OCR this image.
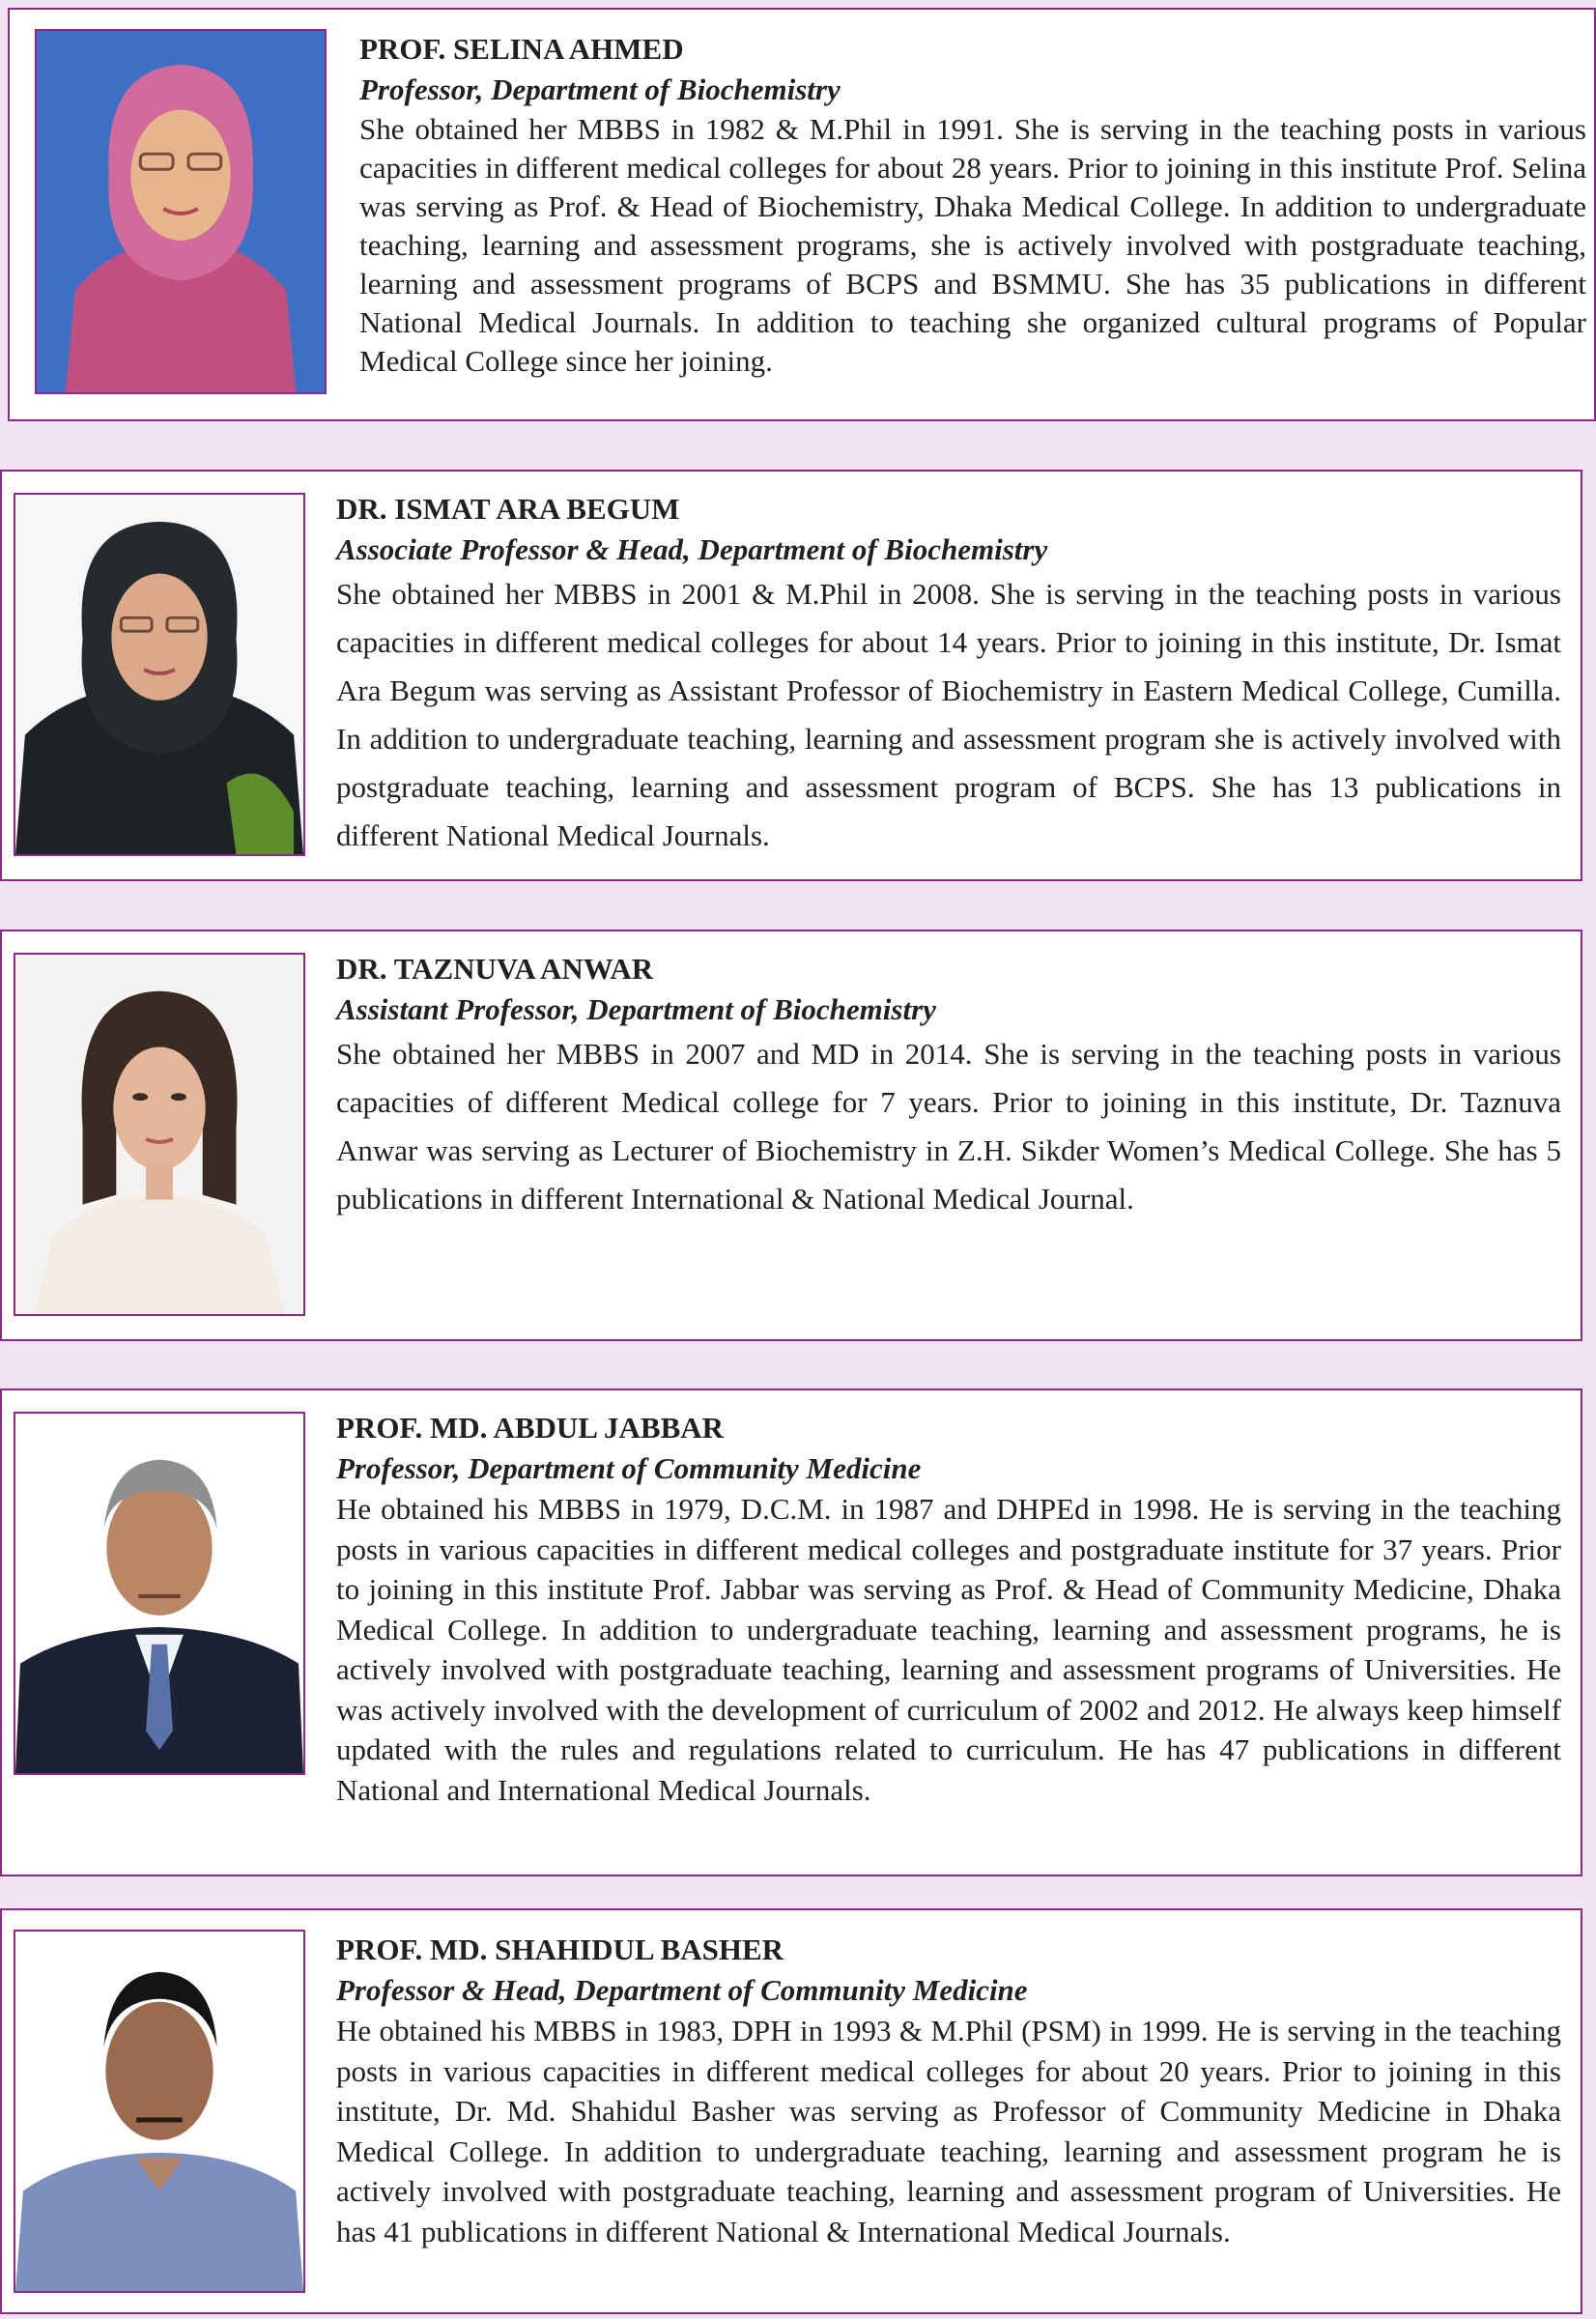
PROF. SELINA AHMED
Professor, Department of Biochemistry
She obtained her MBBS in 1982 & M.Phil in 1991. She is serving in the teaching posts in various capacities in different medical colleges for about 28 years. Prior to joining in this institute Prof. Selina was serving as Prof. & Head of Biochemistry, Dhaka Medical College. In addition to undergraduate teaching, learning and assessment programs, she is actively involved with postgraduate teaching, learning and assessment programs of BCPS and BSMMU. She has 35 publications in different National Medical Journals. In addition to teaching she organized cultural programs of Popular Medical College since her joining.
DR. ISMAT ARA BEGUM
Associate Professor & Head, Department of Biochemistry
She obtained her MBBS in 2001 & M.Phil in 2008. She is serving in the teaching posts in various capacities in different medical colleges for about 14 years. Prior to joining in this institute, Dr. Ismat Ara Begum was serving as Assistant Professor of Biochemistry in Eastern Medical College, Cumilla. In addition to undergraduate teaching, learning and assessment program she is actively involved with postgraduate teaching, learning and assessment program of BCPS. She has 13 publications in different National Medical Journals.
DR. TAZNUVA ANWAR
Assistant Professor, Department of Biochemistry
She obtained her MBBS in 2007 and MD in 2014. She is serving in the teaching posts in various capacities of different Medical college for 7 years. Prior to joining in this institute, Dr. Taznuva Anwar was serving as Lecturer of Biochemistry in Z.H. Sikder Women’s Medical College. She has 5 publications in different International & National Medical Journal.
PROF. MD. ABDUL JABBAR
Professor, Department of Community Medicine
He obtained his MBBS in 1979, D.C.M. in 1987 and DHPEd in 1998. He is serving in the teaching posts in various capacities in different medical colleges and postgraduate institute for 37 years. Prior to joining in this institute Prof. Jabbar was serving as Prof. & Head of Community Medicine, Dhaka Medical College. In addition to undergraduate teaching, learning and assessment programs, he is actively involved with postgraduate teaching, learning and assessment programs of Universities. He was actively involved with the development of curriculum of 2002 and 2012. He always keep himself updated with the rules and regulations related to curriculum. He has 47 publications in different National and International Medical Journals.
PROF. MD. SHAHIDUL BASHER
Professor & Head, Department of Community Medicine
He obtained his MBBS in 1983, DPH in 1993 & M.Phil (PSM) in 1999. He is serving in the teaching posts in various capacities in different medical colleges for about 20 years. Prior to joining in this institute, Dr. Md. Shahidul Basher was serving as Professor of Community Medicine in Dhaka Medical College. In addition to undergraduate teaching, learning and assessment program he is actively involved with postgraduate teaching, learning and assessment program of Universities. He has 41 publications in different National & International Medical Journals.
